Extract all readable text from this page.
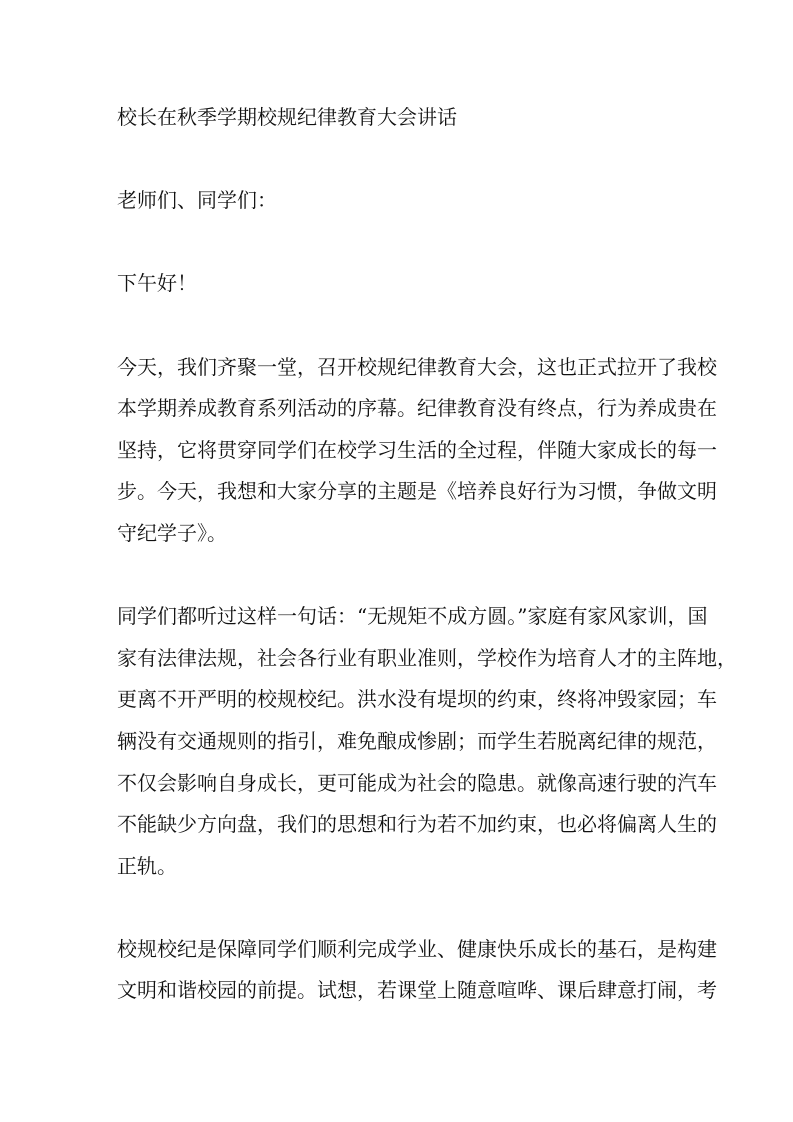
校长在秋季学期校规纪律教育大会讲话

老师们、同学们：

下午好！

今天，我们齐聚一堂，召开校规纪律教育大会，这也正式拉开了我校
本学期养成教育系列活动的序幕。纪律教育没有终点，行为养成贵在
坚持，它将贯穿同学们在校学习生活的全过程，伴随大家成长的每一
步。今天，我想和大家分享的主题是《培养良好行为习惯，争做文明
守纪学子》。

同学们都听过这样一句话：“无规矩不成方圆。”家庭有家风家训，国
家有法律法规，社会各行业有职业准则，学校作为培育人才的主阵地，
更离不开严明的校规校纪。洪水没有堤坝的约束，终将冲毁家园；车
辆没有交通规则的指引，难免酿成惨剧；而学生若脱离纪律的规范，
不仅会影响自身成长，更可能成为社会的隐患。就像高速行驶的汽车
不能缺少方向盘，我们的思想和行为若不加约束，也必将偏离人生的
正轨。

校规校纪是保障同学们顺利完成学业、健康快乐成长的基石，是构建
文明和谐校园的前提。试想，若课堂上随意喧哗、课后肆意打闹，考
